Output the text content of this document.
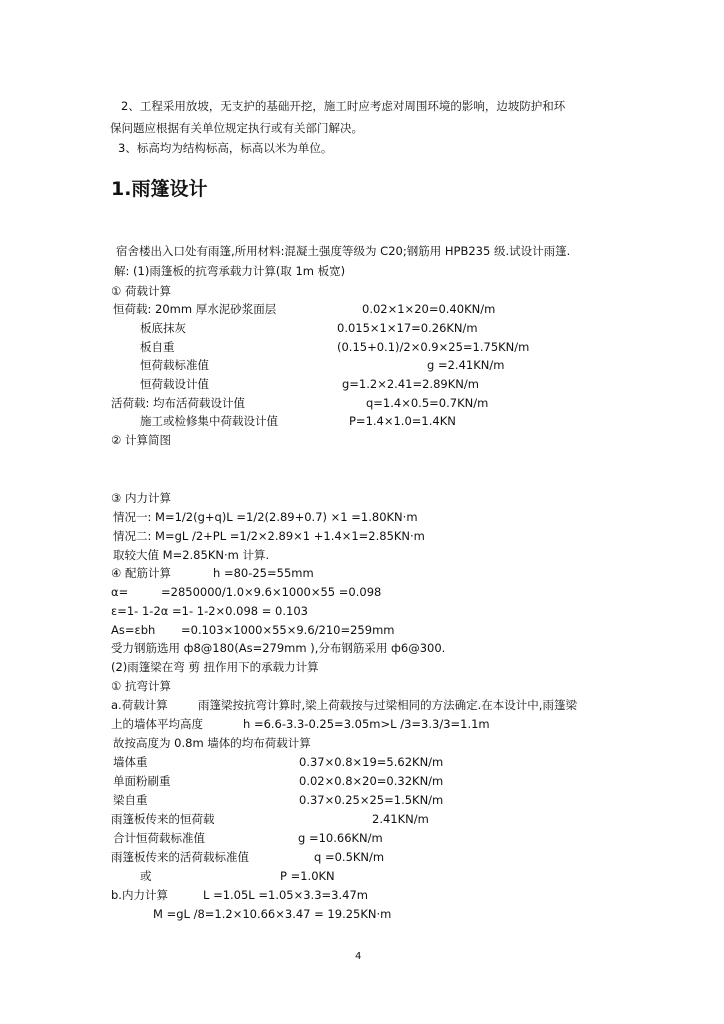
2、工程采用放坡，无支护的基础开挖，施工时应考虑对周围环境的影响，边坡防护和环
保问题应根据有关单位规定执行或有关部门解决。
3、标高均为结构标高，标高以米为单位。
1.雨篷设计
宿舍楼出入口处有雨篷,所用材料:混凝土强度等级为 C20;钢筋用 HPB235 级.试设计雨篷.
解: (1)雨篷板的抗弯承载力计算(取 1m 板宽)
① 荷载计算
恒荷载: 20mm 厚水泥砂浆面层	0.02×1×20=0.40KN/m
板底抹灰	0.015×1×17=0.26KN/m
板自重	(0.15+0.1)/2×0.9×25=1.75KN/m
恒荷载标准值	g =2.41KN/m
恒荷载设计值	g=1.2×2.41=2.89KN/m
活荷载: 均布活荷载设计值	q=1.4×0.5=0.7KN/m
施工或检修集中荷载设计值	P=1.4×1.0=1.4KN
② 计算简图
③ 内力计算
情况一: M=1/2(g+q)L =1/2(2.89+0.7) ×1 =1.80KN·m
情况二: M=gL /2+PL =1/2×2.89×1 +1.4×1=2.85KN·m
取较大值 M=2.85KN·m 计算.
④ 配筋计算	h =80-25=55mm
α=	=2850000/1.0×9.6×1000×55 =0.098
ε=1- 1-2α =1- 1-2×0.098 = 0.103
As=εbh =0.103×1000×55×9.6/210=259mm
受力钢筋选用 ф8@180(As=279mm ),分布钢筋采用 ф6@300.
(2)雨篷梁在弯 剪 扭作用下的承载力计算
① 抗弯计算
a.荷载计算	雨篷梁按抗弯计算时,梁上荷载按与过梁相同的方法确定.在本设计中,雨篷梁
上的墙体平均高度	h =6.6-3.3-0.25=3.05m>L /3=3.3/3=1.1m
故按高度为 0.8m 墙体的均布荷载计算
墙体重	0.37×0.8×19=5.62KN/m
单面粉刷重	0.02×0.8×20=0.32KN/m
梁自重	0.37×0.25×25=1.5KN/m
雨篷板传来的恒荷载	2.41KN/m
合计恒荷载标准值	g =10.66KN/m
雨篷板传来的活荷载标准值	q =0.5KN/m
或	P =1.0KN
b.内力计算	L =1.05L =1.05×3.3=3.47m
M =gL /8=1.2×10.66×3.47 = 19.25KN·m
4
